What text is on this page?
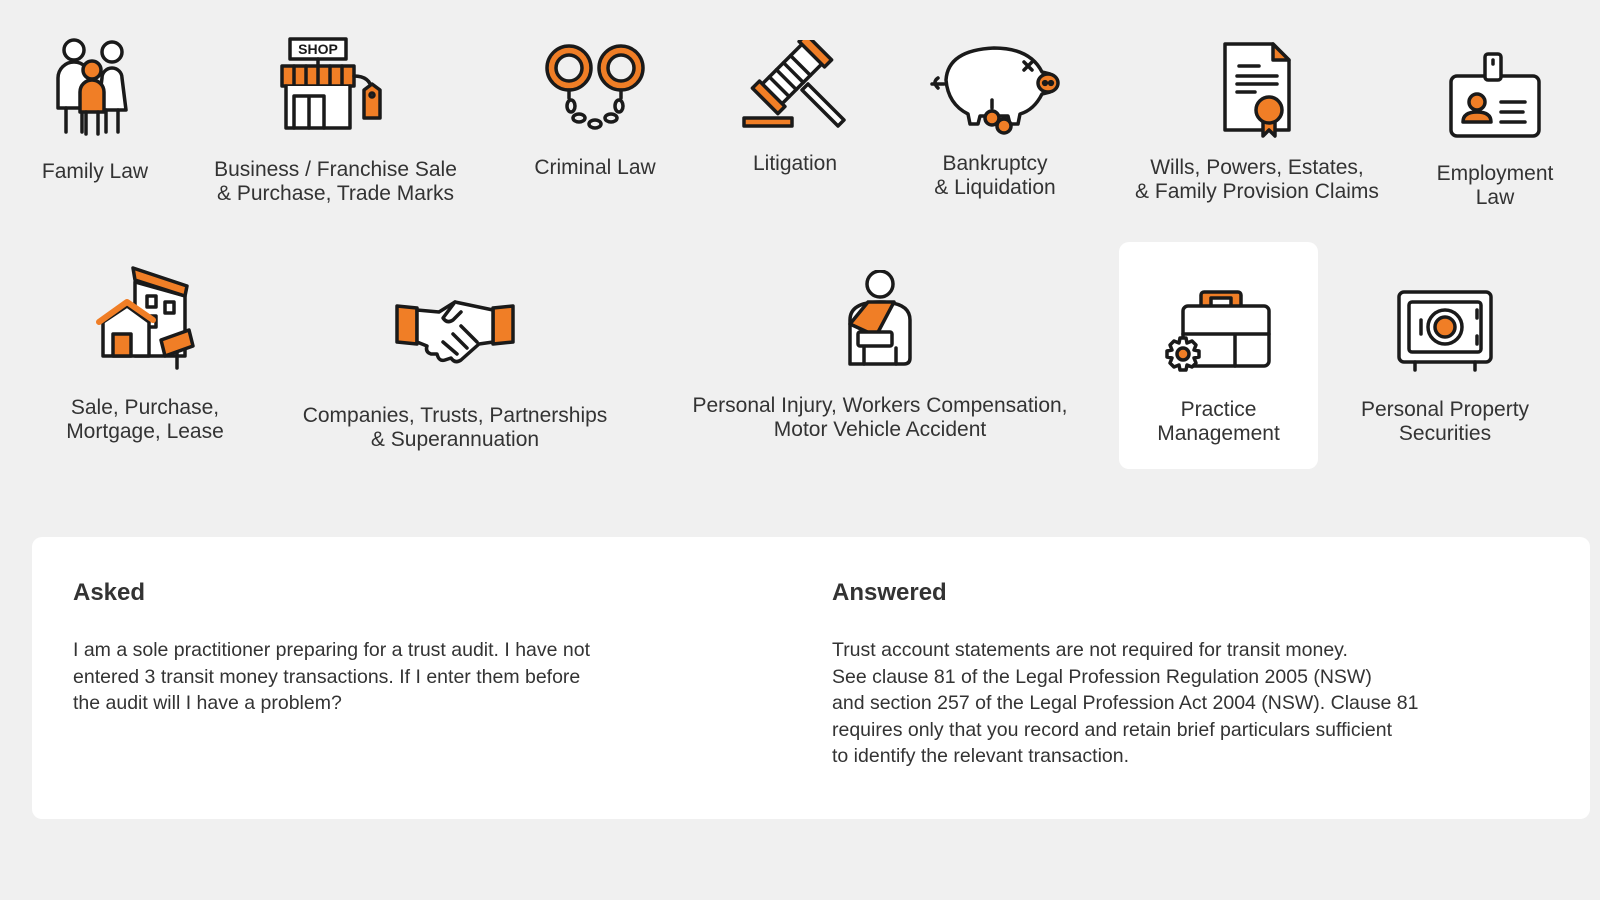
Family Law
SHOP
Business / Franchise Sale
& Purchase, Trade Marks
Criminal Law	Litigation	Bankruptcy
& Liquidation
Wills, Powers, Estates,
& Family Provision Claims
Employment
Law
Sale, Purchase,
Mortgage, Lease
Companies, Trusts, Partnerships
& Superannuation
Personal Injury, Workers Compensation,
Motor Vehicle Accident
Practice
Management
Personal Property
Securities
Asked

I am a sole practitioner preparing for a trust audit. I have not
entered 3 transit money transactions. If I enter them before
the audit will I have a problem?

Answered

Trust account statements are not required for transit money.
See clause 81 of the Legal Profession Regulation 2005 (NSW)
and section 257 of the Legal Profession Act 2004 (NSW). Clause 81
requires only that you record and retain brief particulars sufficient
to identify the relevant transaction.
